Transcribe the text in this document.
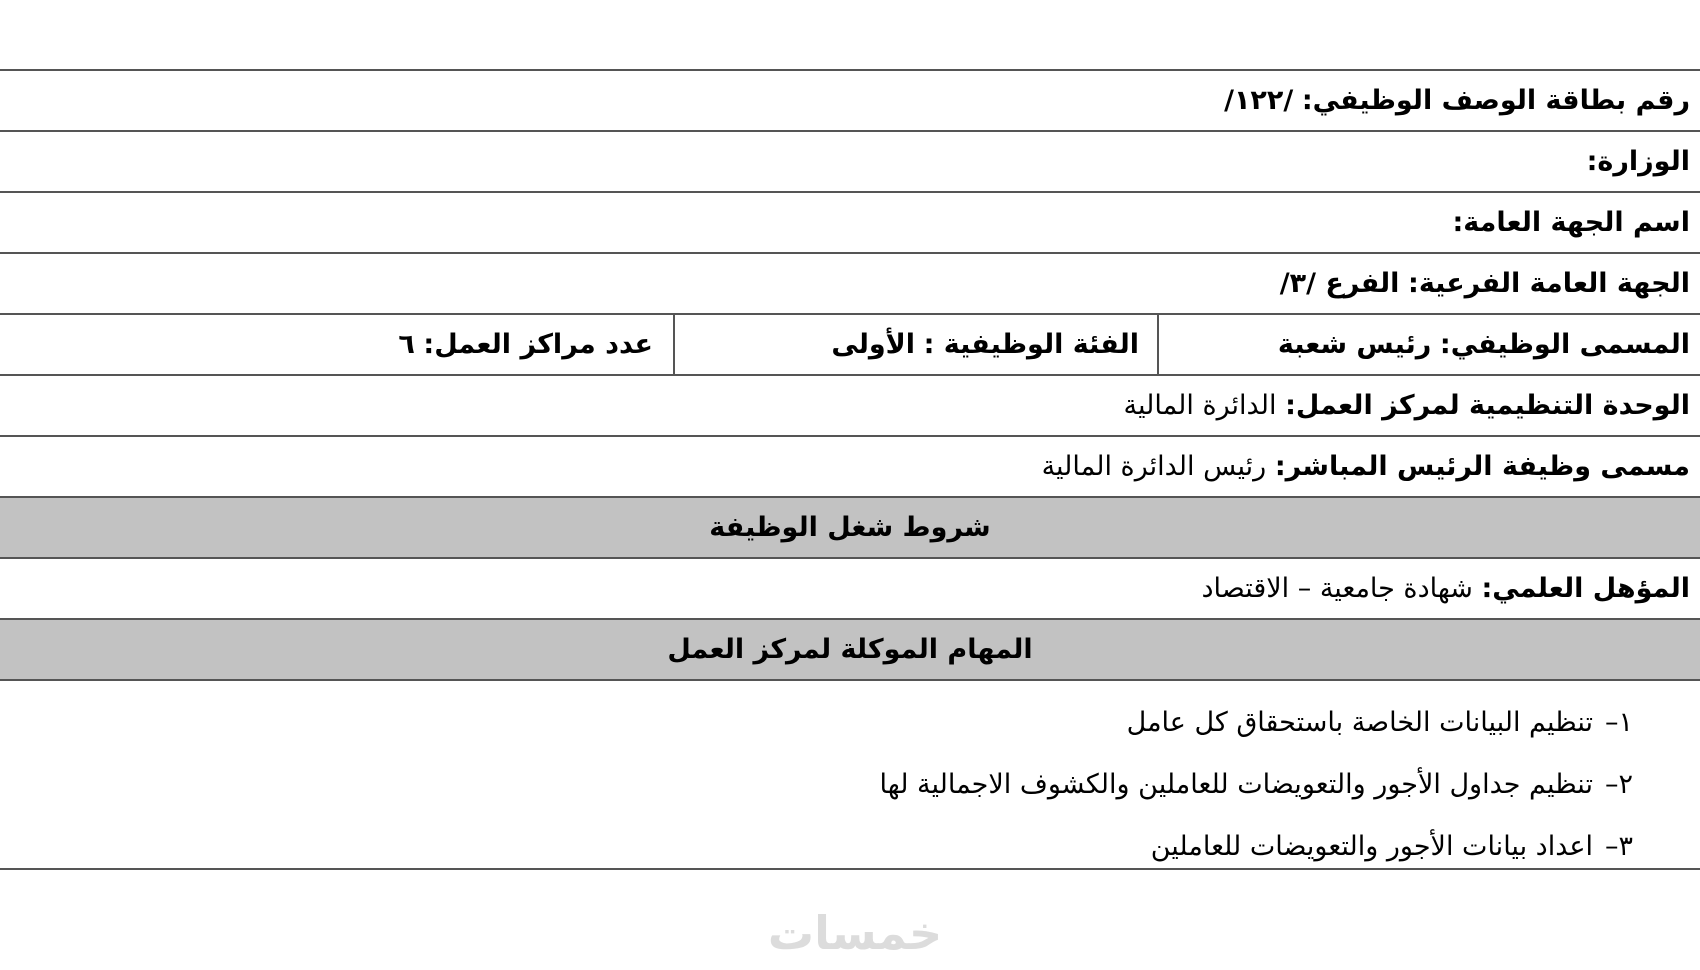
رقم بطاقة الوصف الوظيفي:

/١٢٢/
الوزارة:
اسم الجهة العامة:
الجهة العامة الفرعية:

الفرع /٣/
المسمى الوظيفي:

رئيس شعبة
الفئة الوظيفية :

الأولى
عدد مراكز العمل:

٦
الوحدة التنظيمية لمركز العمل:

الدائرة المالية
مسمى وظيفة الرئيس المباشر:

رئيس الدائرة المالية
شروط شغل الوظيفة
المؤهل العلمي:

شهادة جامعية – الاقتصاد
المهام الموكلة لمركز العمل
١–
تنظيم البيانات الخاصة باستحقاق كل عامل
٢–
تنظيم جداول الأجور والتعويضات للعاملين والكشوف الاجمالية لها
٣–
اعداد بيانات الأجور والتعويضات للعاملين
خمسات
